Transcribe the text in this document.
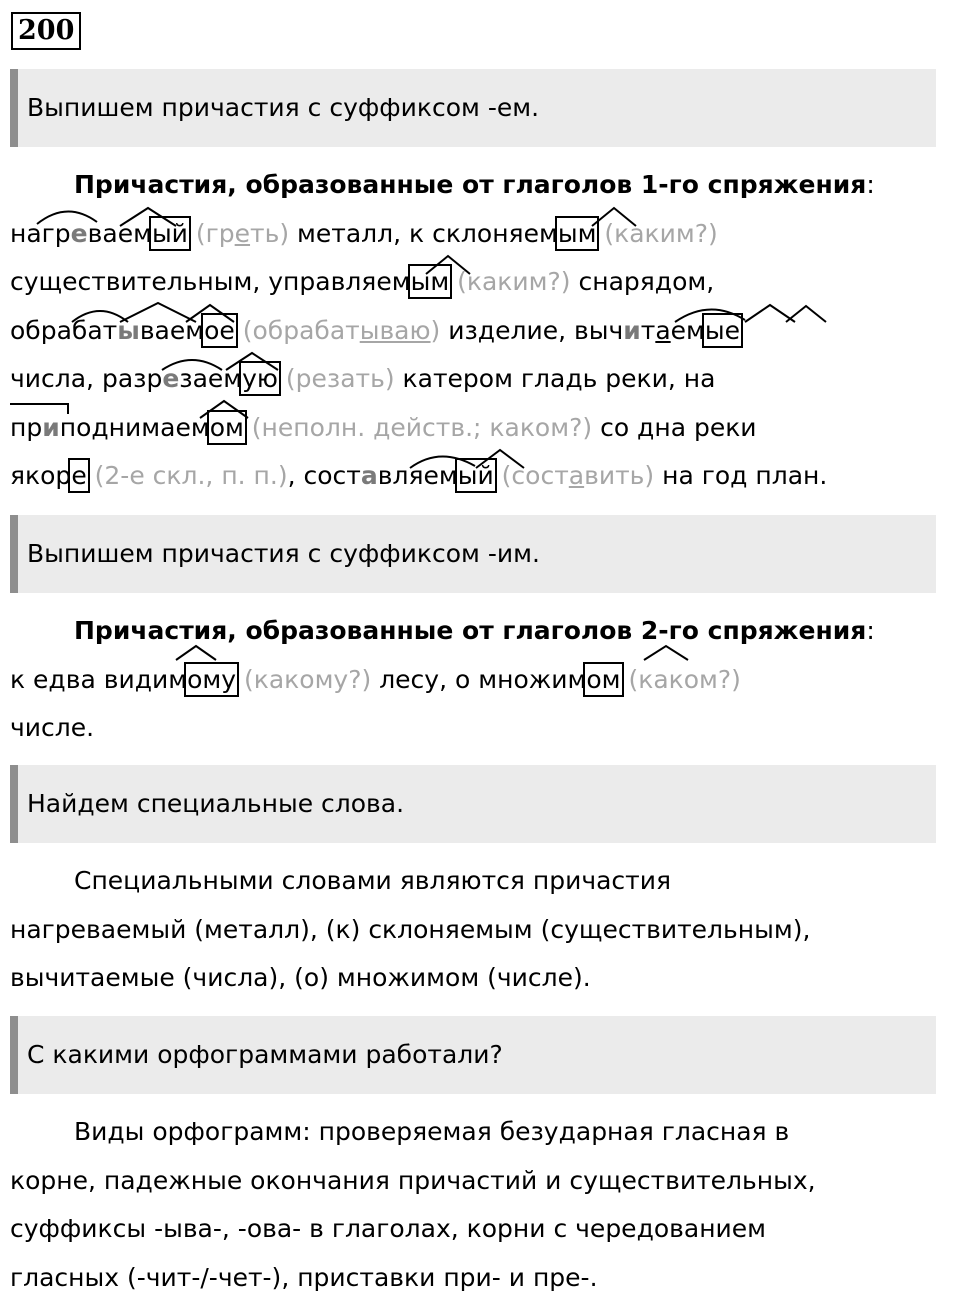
200
Выпишем причастия с суффиксом -ем.
Причастия, образованные от глаголов 1-го спряжения:
нагреваемый (греть) металл, к склоняемым (каким?)
существительным, управляемым (каким?) снарядом,
обрабатываемое (обрабатываю) изделие, вычитаемые
числа, разрезаемую (резать) катером гладь реки, на
приподнимаемом (неполн. действ.; каком?) со дна реки
якоре (2-е скл., п. п.), составляемый (составить) на год план.
Выпишем причастия с суффиксом -им.
Причастия, образованные от глаголов 2-го спряжения:
к едва видимому (какому?) лесу, о множимом (каком?)
числе.
Найдем специальные слова.
Специальными словами являются причастия
нагреваемый (металл), (к) склоняемым (существительным),
вычитаемые (числа), (о) множимом (числе).
С какими орфограммами работали?
Виды орфограмм: проверяемая безударная гласная в
корне, падежные окончания причастий и существительных,
суффиксы -ыва-, -ова- в глаголах, корни с чередованием
гласных (-чит-/-чет-), приставки при- и пре-.
